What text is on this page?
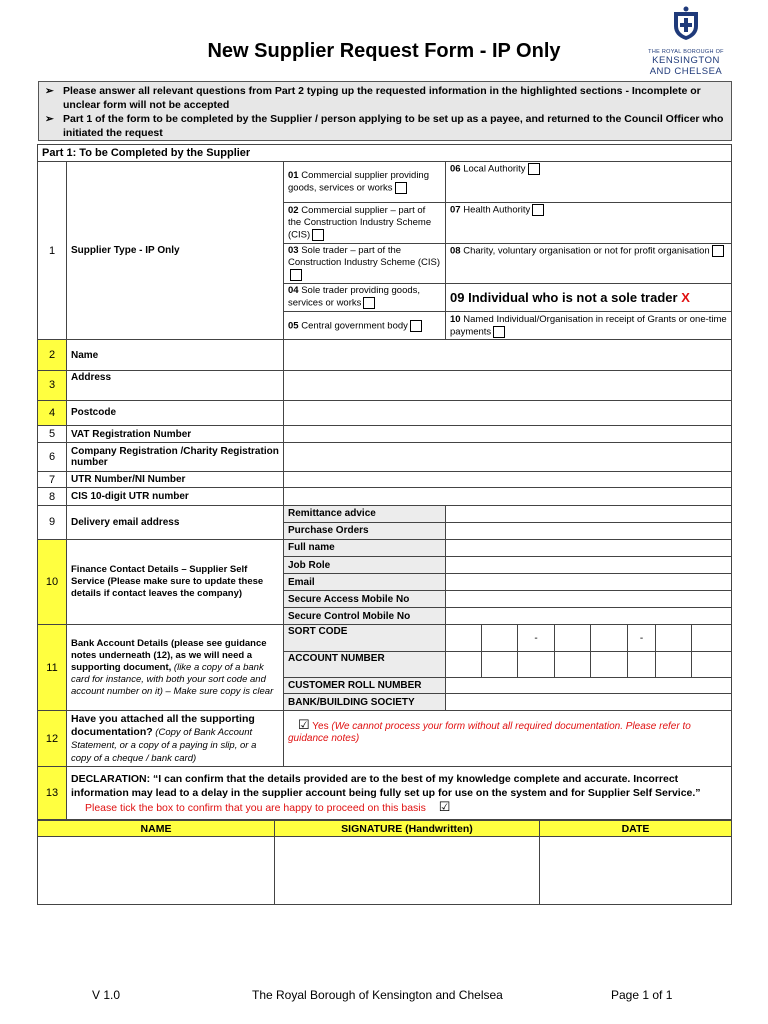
New Supplier Request Form - IP Only	THE ROYAL BOROUGH OF
KENSINGTON
AND CHELSEA
➢ Please answer all relevant questions from Part 2 typing up the requested information in the highlighted sections - Incomplete or unclear form will not be accepted
➢ Part 1 of the form to be completed by the Supplier / person applying to be set up as a payee, and returned to the Council Officer who initiated the request
Part 1: To be Completed by the Supplier										
1	Supplier Type - IP Only	01 Commercial supplier providing goods, services or works	06 Local Authority							
		02 Commercial supplier – part of the Construction Industry Scheme (CIS)	07 Health Authority							
		03 Sole trader – part of the Construction Industry Scheme (CIS)	08 Charity, voluntary organisation or not for profit organisation							
		04 Sole trader providing goods, services or works	09 Individual who is not a sole trader X							
		05 Central government body	10 Named Individual/Organisation in receipt of Grants or one-time payments							
2	Name									
3	Address									
4	Postcode									
5	VAT Registration Number									
6	Company Registration /Charity Registration number									
7	UTR Number/NI Number									
8	CIS 10-digit UTR number									
9	Delivery email address	Remittance advice								
		Purchase Orders								
10	Finance Contact Details – Supplier Self Service (Please make sure to update these details if contact leaves the company)	Full name								
		Job Role								
		Email								
		Secure Access Mobile No								
		Secure Control Mobile No								
11	Bank Account Details (please see guidance notes underneath (12), as we will need a supporting document, (like a copy of a bank card for instance, with both your sort code and account number on it) – Make sure copy is clear	SORT CODE			-			-		
		ACCOUNT NUMBER								
		CUSTOMER ROLL NUMBER								
		BANK/BUILDING SOCIETY								
12	Have you attached all the supporting documentation? (Copy of Bank Account Statement, or a copy of a paying in slip, or a copy of a cheque / bank card)	☑ Yes (We cannot process your form without all required documentation. Please refer to guidance notes)								
13	DECLARATION: “I can confirm that the details provided are to the best of my knowledge complete and accurate. Incorrect information may lead to a delay in the supplier account being fully set up for use on the system and for Supplier Self Service.” Please tick the box to confirm that you are happy to proceed on this basis ☑									
NAME	SIGNATURE (Handwritten)	DATE

V 1.0	The Royal Borough of Kensington and Chelsea	Page 1 of 1
